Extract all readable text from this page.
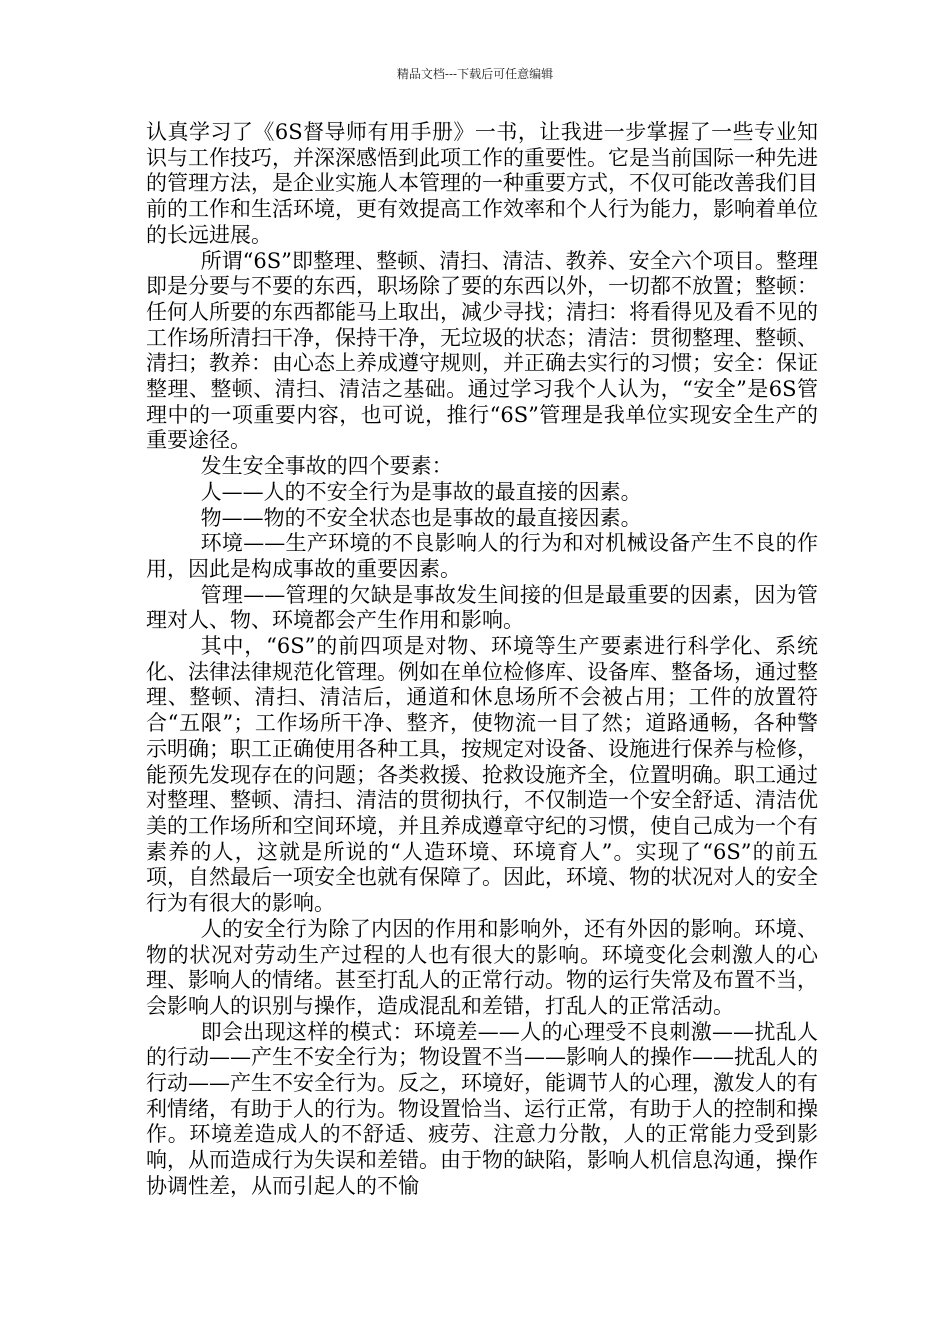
精品文档---下载后可任意编辑

认真学习了《6S督导师有用手册》一书，让我进一步掌握了一些专业知识与工作技巧，并深深感悟到此项工作的重要性。它是当前国际一种先进的管理方法，是企业实施人本管理的一种重要方式，不仅可能改善我们目前的工作和生活环境，更有效提高工作效率和个人行为能力，影响着单位的长远进展。

所谓“6S”即整理、整顿、清扫、清洁、教养、安全六个项目。整理即是分要与不要的东西，职场除了要的东西以外，一切都不放置；整顿：任何人所要的东西都能马上取出，减少寻找；清扫：将看得见及看不见的工作场所清扫干净，保持干净，无垃圾的状态；清洁：贯彻整理、整顿、清扫；教养：由心态上养成遵守规则，并正确去实行的习惯；安全：保证整理、整顿、清扫、清洁之基础。通过学习我个人认为，“安全”是6S管理中的一项重要内容，也可说，推行“6S”管理是我单位实现安全生产的重要途径。

发生安全事故的四个要素：

人——人的不安全行为是事故的最直接的因素。

物——物的不安全状态也是事故的最直接因素。

环境——生产环境的不良影响人的行为和对机械设备产生不良的作用，因此是构成事故的重要因素。

管理——管理的欠缺是事故发生间接的但是最重要的因素，因为管理对人、物、环境都会产生作用和影响。

其中，“6S”的前四项是对物、环境等生产要素进行科学化、系统化、法律法律规范化管理。例如在单位检修库、设备库、整备场，通过整理、整顿、清扫、清洁后，通道和休息场所不会被占用；工件的放置符合“五限”；工作场所干净、整齐，使物流一目了然；道路通畅，各种警示明确；职工正确使用各种工具，按规定对设备、设施进行保养与检修，能预先发现存在的问题；各类救援、抢救设施齐全，位置明确。职工通过对整理、整顿、清扫、清洁的贯彻执行，不仅制造一个安全舒适、清洁优美的工作场所和空间环境，并且养成遵章守纪的习惯，使自己成为一个有素养的人，这就是所说的“人造环境、环境育人”。实现了“6S”的前五项，自然最后一项安全也就有保障了。因此，环境、物的状况对人的安全行为有很大的影响。

人的安全行为除了内因的作用和影响外，还有外因的影响。环境、物的状况对劳动生产过程的人也有很大的影响。环境变化会刺激人的心理、影响人的情绪。甚至打乱人的正常行动。物的运行失常及布置不当，会影响人的识别与操作，造成混乱和差错，打乱人的正常活动。

即会出现这样的模式：环境差——人的心理受不良刺激——扰乱人的行动——产生不安全行为；物设置不当——影响人的操作——扰乱人的行动——产生不安全行为。反之，环境好，能调节人的心理，激发人的有利情绪，有助于人的行为。物设置恰当、运行正常，有助于人的控制和操作。环境差造成人的不舒适、疲劳、注意力分散，人的正常能力受到影响，从而造成行为失误和差错。由于物的缺陷，影响人机信息沟通，操作协调性差，从而引起人的不愉
